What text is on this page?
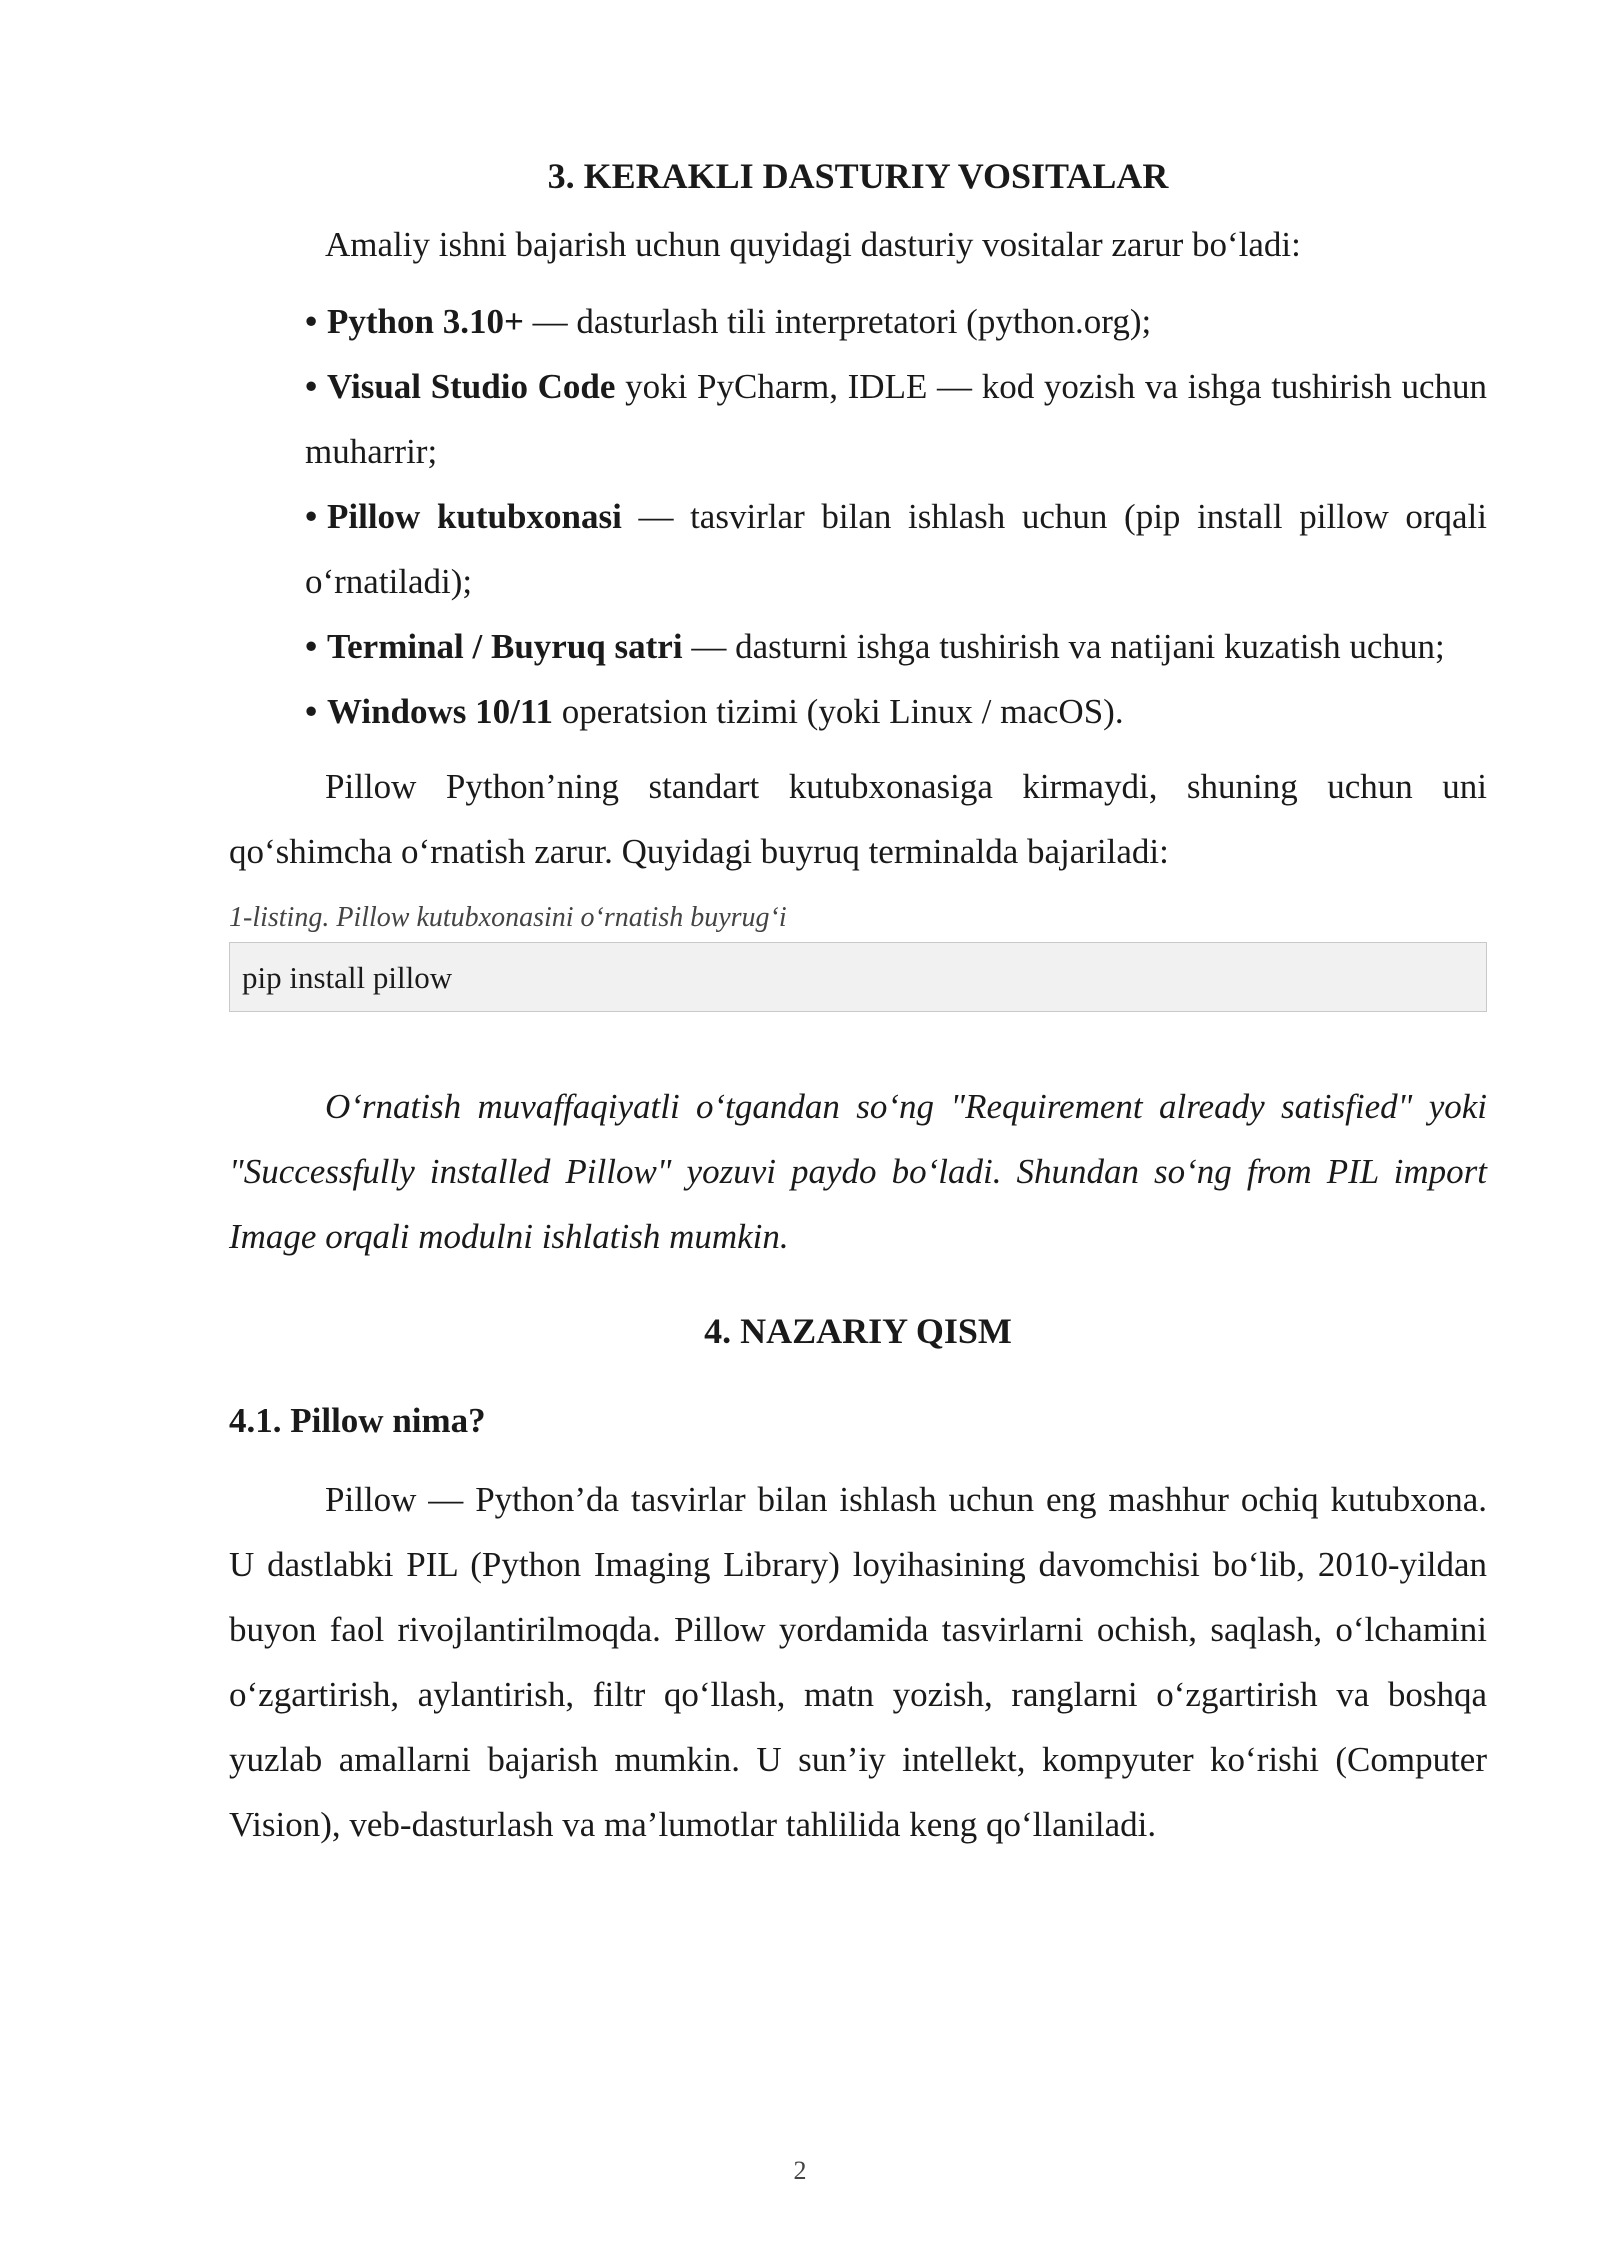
3. KERAKLI DASTURIY VOSITALAR

Amaliy ishni bajarish uchun quyidagi dasturiy vositalar zarur bo‘ladi:

• Python 3.10+ — dasturlash tili interpretatori (python.org);
• Visual Studio Code yoki PyCharm, IDLE — kod yozish va ishga tushirish uchun muharrir;
• Pillow kutubxonasi — tasvirlar bilan ishlash uchun (pip install pillow orqali o‘rnatiladi);
• Terminal / Buyruq satri — dasturni ishga tushirish va natijani kuzatish uchun;
• Windows 10/11 operatsion tizimi (yoki Linux / macOS).

Pillow Python’ning standart kutubxonasiga kirmaydi, shuning uchun uni qo‘shimcha o‘rnatish zarur. Quyidagi buyruq terminalda bajariladi:

1-listing. Pillow kutubxonasini o‘rnatish buyrug‘i
pip install pillow

O‘rnatish muvaffaqiyatli o‘tgandan so‘ng "Requirement already satisfied" yoki "Successfully installed Pillow" yozuvi paydo bo‘ladi. Shundan so‘ng from PIL import Image orqali modulni ishlatish mumkin.

4. NAZARIY QISM
4.1. Pillow nima?

Pillow — Python’da tasvirlar bilan ishlash uchun eng mashhur ochiq kutubxona. U dastlabki PIL (Python Imaging Library) loyihasining davomchisi bo‘lib, 2010-yildan buyon faol rivojlantirilmoqda. Pillow yordamida tasvirlarni ochish, saqlash, o‘lchamini o‘zgartirish, aylantirish, filtr qo‘llash, matn yozish, ranglarni o‘zgartirish va boshqa yuzlab amallarni bajarish mumkin. U sun’iy intellekt, kompyuter ko‘rishi (Computer Vision), veb-dasturlash va ma’lumotlar tahlilida keng qo‘llaniladi.

2
